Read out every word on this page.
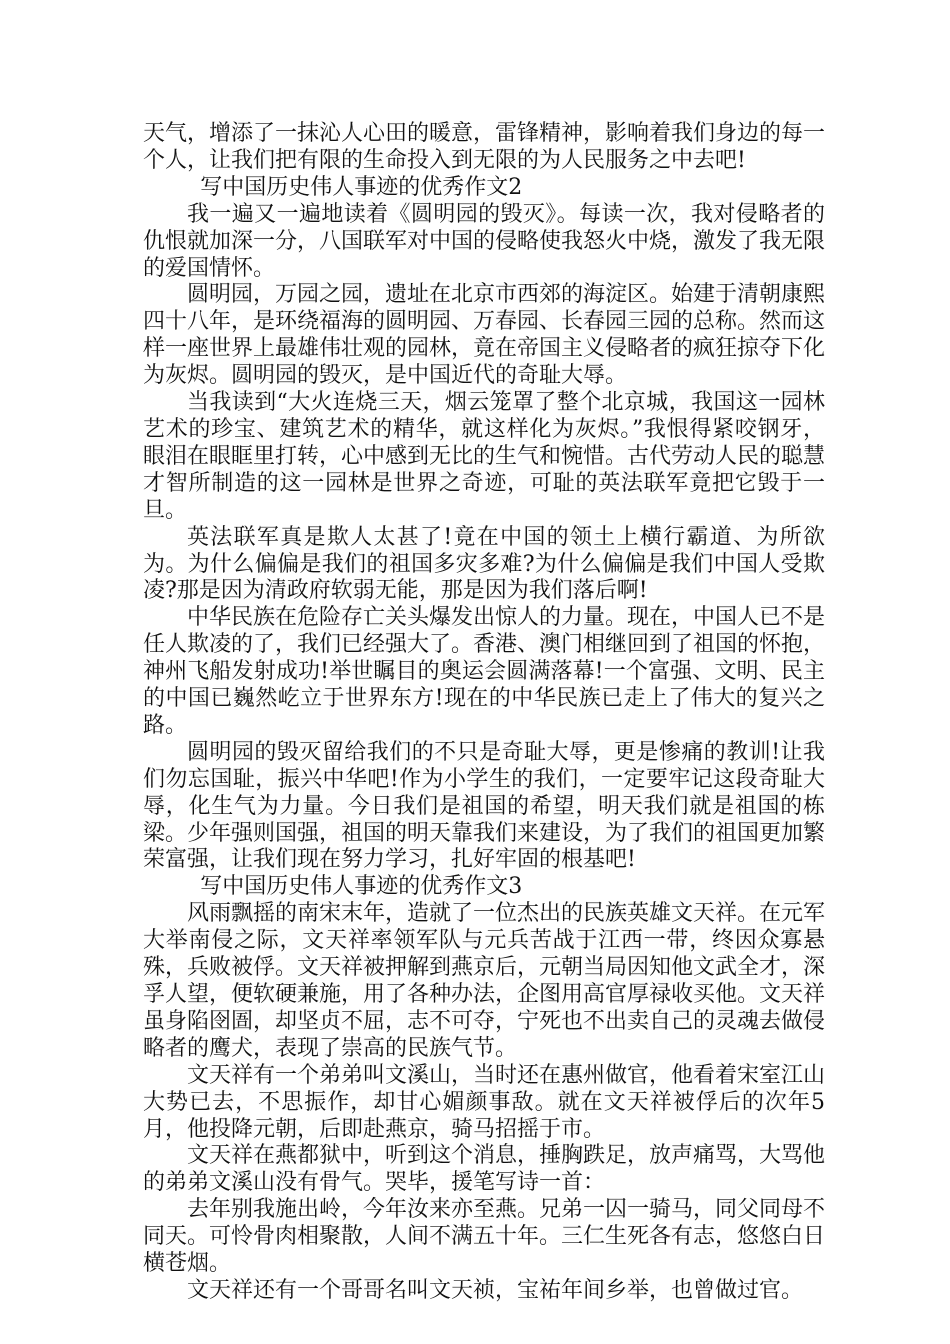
天气，增添了一抹沁人心田的暖意，雷锋精神，影响着我们身边的每一个人，让我们把有限的生命投入到无限的为人民服务之中去吧!

写中国历史伟人事迹的优秀作文2

我一遍又一遍地读着《圆明园的毁灭》。每读一次，我对侵略者的仇恨就加深一分，八国联军对中国的侵略使我怒火中烧，激发了我无限的爱国情怀。

圆明园，万园之园，遗址在北京市西郊的海淀区。始建于清朝康熙四十八年，是环绕福海的圆明园、万春园、长春园三园的总称。然而这样一座世界上最雄伟壮观的园林，竟在帝国主义侵略者的疯狂掠夺下化为灰烬。圆明园的毁灭，是中国近代的奇耻大辱。

当我读到“大火连烧三天，烟云笼罩了整个北京城，我国这一园林艺术的珍宝、建筑艺术的精华，就这样化为灰烬。”我恨得紧咬钢牙，眼泪在眼眶里打转，心中感到无比的生气和惋惜。古代劳动人民的聪慧才智所制造的这一园林是世界之奇迹，可耻的英法联军竟把它毁于一旦。

英法联军真是欺人太甚了!竟在中国的领土上横行霸道、为所欲为。为什么偏偏是我们的祖国多灾多难?为什么偏偏是我们中国人受欺凌?那是因为清政府软弱无能，那是因为我们落后啊!

中华民族在危险存亡关头爆发出惊人的力量。现在，中国人已不是任人欺凌的了，我们已经强大了。香港、澳门相继回到了祖国的怀抱，神州飞船发射成功!举世瞩目的奥运会圆满落幕!一个富强、文明、民主的中国已巍然屹立于世界东方!现在的中华民族已走上了伟大的复兴之路。

圆明园的毁灭留给我们的不只是奇耻大辱，更是惨痛的教训!让我们勿忘国耻，振兴中华吧!作为小学生的我们，一定要牢记这段奇耻大辱，化生气为力量。今日我们是祖国的希望，明天我们就是祖国的栋梁。少年强则国强，祖国的明天靠我们来建设，为了我们的祖国更加繁荣富强，让我们现在努力学习，扎好牢固的根基吧!

写中国历史伟人事迹的优秀作文3

风雨飘摇的南宋末年，造就了一位杰出的民族英雄文天祥。在元军大举南侵之际，文天祥率领军队与元兵苦战于江西一带，终因众寡悬殊，兵败被俘。文天祥被押解到燕京后，元朝当局因知他文武全才，深孚人望，便软硬兼施，用了各种办法，企图用高官厚禄收买他。文天祥虽身陷囹圄，却坚贞不屈，志不可夺，宁死也不出卖自己的灵魂去做侵略者的鹰犬，表现了崇高的民族气节。

文天祥有一个弟弟叫文溪山，当时还在惠州做官，他看着宋室江山大势已去，不思振作，却甘心媚颜事敌。就在文天祥被俘后的次年5月，他投降元朝，后即赴燕京，骑马招摇于市。

文天祥在燕都狱中，听到这个消息，捶胸跌足，放声痛骂，大骂他的弟弟文溪山没有骨气。哭毕，援笔写诗一首：

去年别我施出岭，今年汝来亦至燕。兄弟一囚一骑马，同父同母不同天。可怜骨肉相聚散，人间不满五十年。三仁生死各有志，悠悠白日横苍烟。

文天祥还有一个哥哥名叫文天祯，宝祐年间乡举，也曾做过官。
